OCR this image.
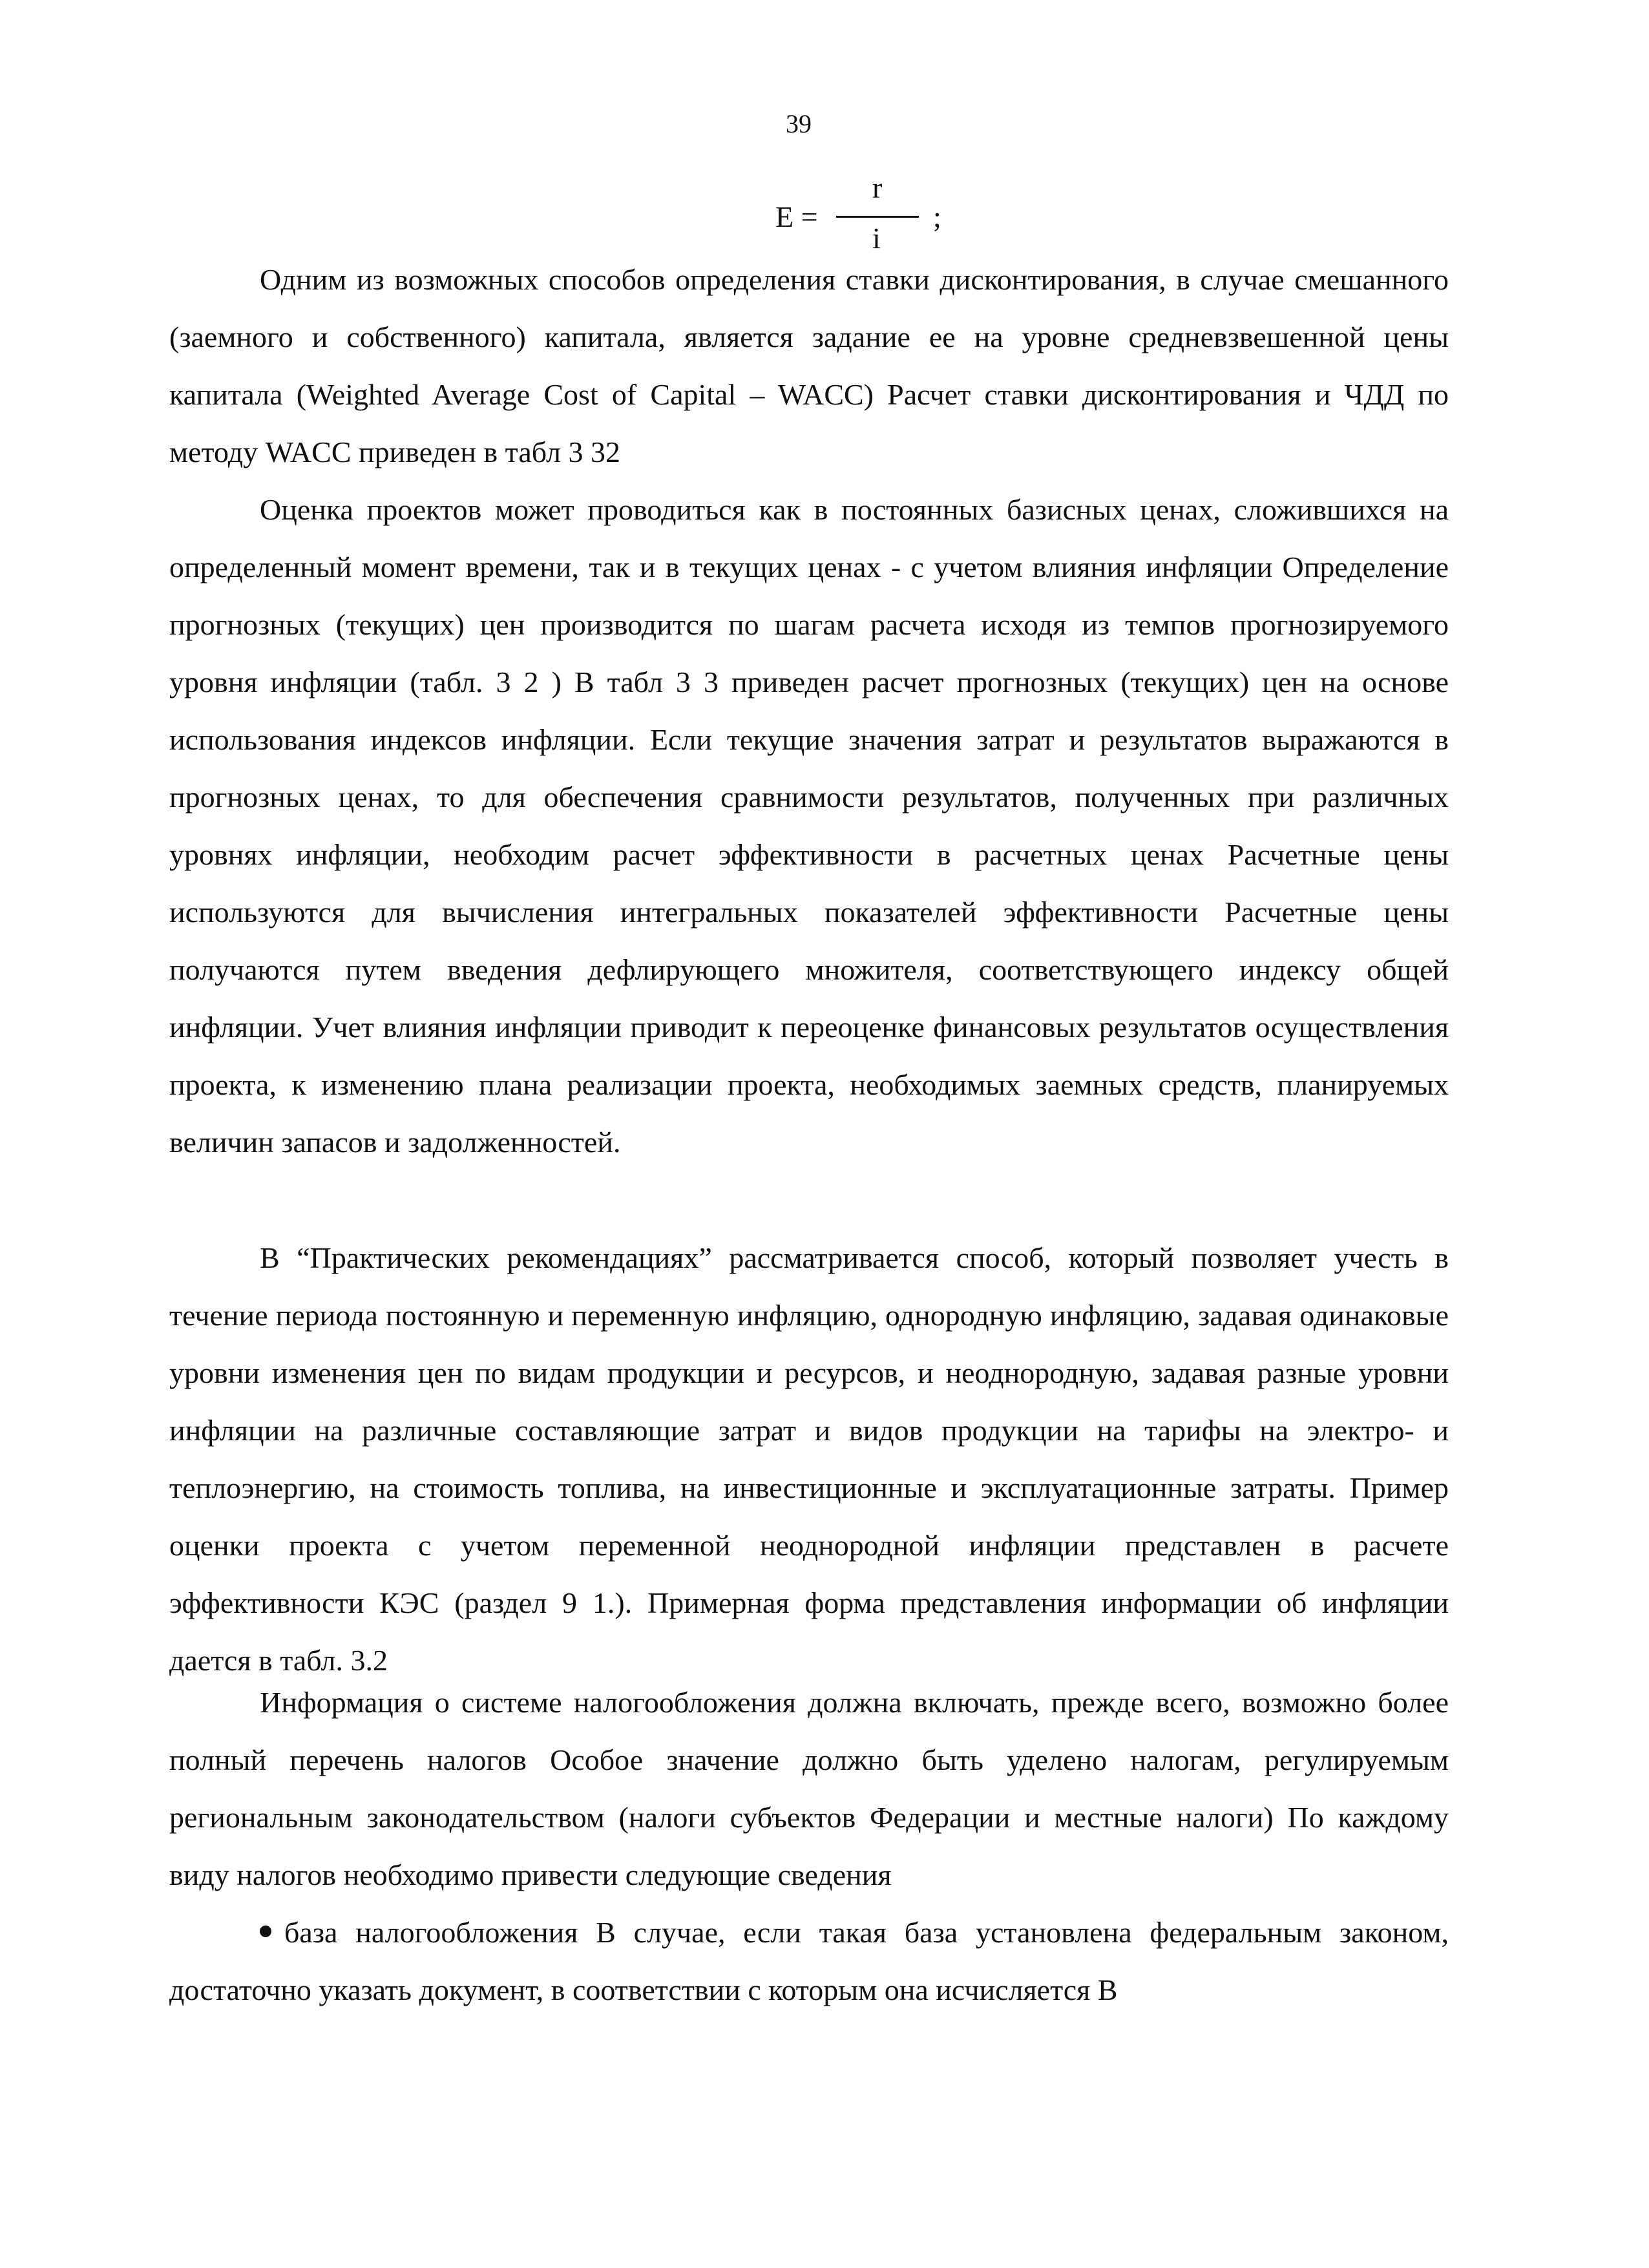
39
E =
r
i
;

Одним из возможных способов определения ставки дисконтирования, в случае смешанного (заемного и собственного) капитала, является задание ее на уровне средневзвешенной цены капитала (Weighted Average Cost of Capital – WACC) Расчет ставки дисконтирования и ЧДД по методу WACC приведен в табл 3 32

Оценка проектов может проводиться как в постоянных базисных ценах, сложившихся на определенный момент времени, так и в текущих ценах - с учетом влияния инфляции Определение прогнозных (текущих) цен производится по шагам расчета исходя из темпов прогнозируемого уровня инфляции (табл. 3 2 ) В табл 3 3 приведен расчет прогнозных (текущих) цен на основе использования индексов инфляции. Если текущие значения затрат и результатов выражаются в прогнозных ценах, то для обеспечения сравнимости результатов, полученных при различных уровнях инфляции, необходим расчет эффективности в расчетных ценах Расчетные цены используются для вычисления интегральных показателей эффективности Расчетные цены получаются путем введения дефлирующего множителя, соответствующего индексу общей инфляции. Учет влияния инфляции приводит к переоценке финансовых результатов осуществления проекта, к изменению плана реализации проекта, необходимых заемных средств, планируемых величин запасов и задолженностей.

В “Практических рекомендациях” рассматривается способ, который позволяет учесть в течение периода постоянную и переменную инфляцию, однородную инфляцию, задавая одинаковые уровни изменения цен по видам продукции и ресурсов, и неоднородную, задавая разные уровни инфляции на различные составляющие затрат и видов продукции на тарифы на электро- и теплоэнергию, на стоимость топлива, на инвестиционные и эксплуатационные затраты. Пример оценки проекта с учетом переменной неоднородной инфляции представлен в расчете эффективности КЭС (раздел 9 1.). Примерная форма представления информации об инфляции дается в табл. 3.2

Информация о системе налогообложения должна включать, прежде всего, возможно более полный перечень налогов Особое значение должно быть уделено налогам, регулируемым региональным законодательством (налоги субъектов Федерации и местные налоги) По каждому виду налогов необходимо привести следующие сведения

база налогообложения В случае, если такая база установлена федеральным законом, достаточно указать документ, в соответствии с которым она исчисляется В
